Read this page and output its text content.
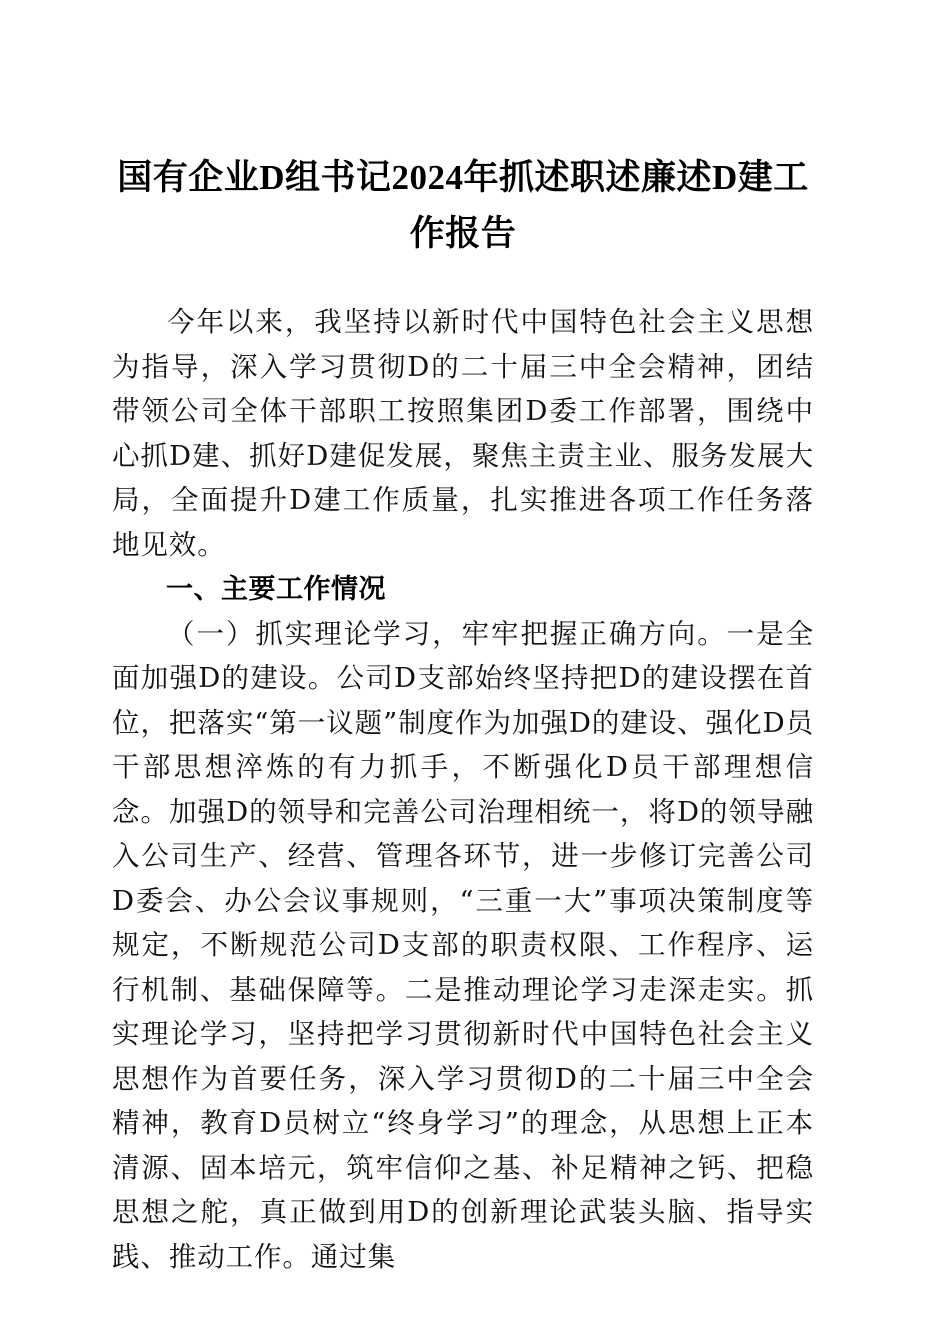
国有企业D组书记2024年抓述职述廉述D建工作报告

今年以来，我坚持以新时代中国特色社会主义思想为指导，深入学习贯彻D的二十届三中全会精神，团结带领公司全体干部职工按照集团D委工作部署，围绕中心抓D建、抓好D建促发展，聚焦主责主业、服务发展大局，全面提升D建工作质量，扎实推进各项工作任务落地见效。

一、主要工作情况

（一）抓实理论学习，牢牢把握正确方向。一是全面加强D的建设。公司D支部始终坚持把D的建设摆在首位，把落实“第一议题”制度作为加强D的建设、强化D员干部思想淬炼的有力抓手，不断强化D员干部理想信念。加强D的领导和完善公司治理相统一，将D的领导融入公司生产、经营、管理各环节，进一步修订完善公司D委会、办公会议事规则，“三重一大”事项决策制度等规定，不断规范公司D支部的职责权限、工作程序、运行机制、基础保障等。二是推动理论学习走深走实。抓实理论学习，坚持把学习贯彻新时代中国特色社会主义思想作为首要任务，深入学习贯彻D的二十届三中全会精神，教育D员树立“终身学习”的理念，从思想上正本清源、固本培元，筑牢信仰之基、补足精神之钙、把稳思想之舵，真正做到用D的创新理论武装头脑、指导实践、推动工作。通过集
